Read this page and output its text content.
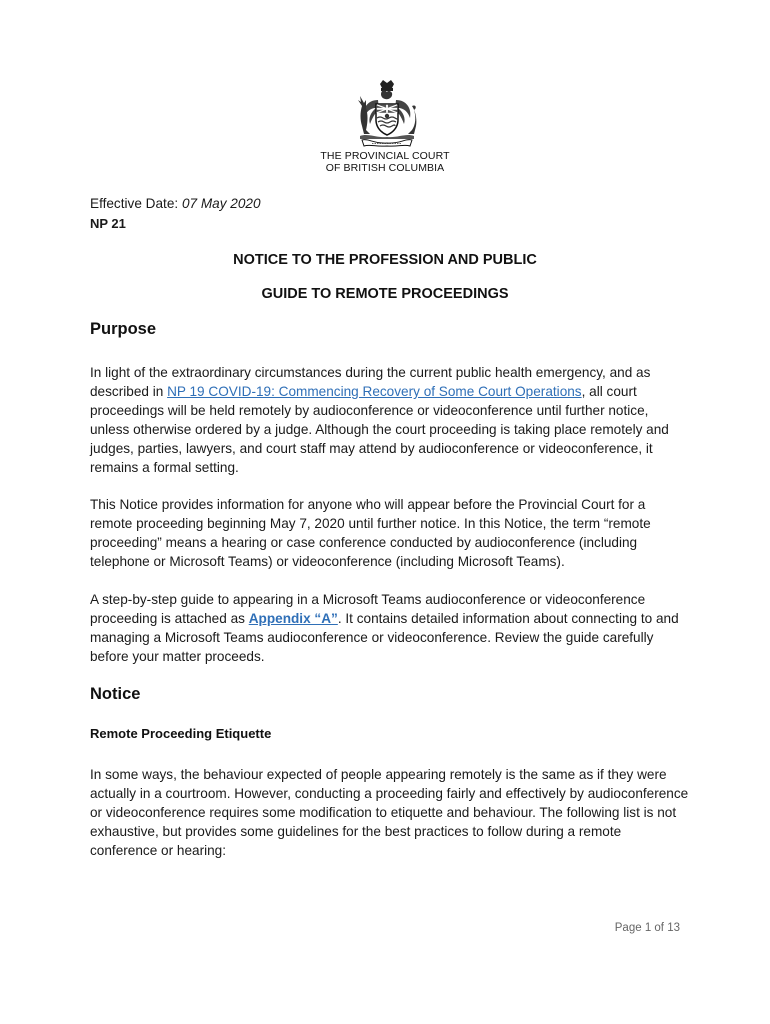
THE PROVINCIAL COURT
OF BRITISH COLUMBIA
Effective Date: 07 May 2020
NP 21
NOTICE TO THE PROFESSION AND PUBLIC
GUIDE TO REMOTE PROCEEDINGS
Purpose

In light of the extraordinary circumstances during the current public health emergency, and as described in NP 19 COVID-19: Commencing Recovery of Some Court Operations, all court proceedings will be held remotely by audioconference or videoconference until further notice, unless otherwise ordered by a judge. Although the court proceeding is taking place remotely and judges, parties, lawyers, and court staff may attend by audioconference or videoconference, it remains a formal setting.

This Notice provides information for anyone who will appear before the Provincial Court for a remote proceeding beginning May 7, 2020 until further notice. In this Notice, the term “remote proceeding” means a hearing or case conference conducted by audioconference (including telephone or Microsoft Teams) or videoconference (including Microsoft Teams).

A step-by-step guide to appearing in a Microsoft Teams audioconference or videoconference proceeding is attached as Appendix “A”. It contains detailed information about connecting to and managing a Microsoft Teams audioconference or videoconference. Review the guide carefully before your matter proceeds.

Notice
Remote Proceeding Etiquette

In some ways, the behaviour expected of people appearing remotely is the same as if they were actually in a courtroom. However, conducting a proceeding fairly and effectively by audioconference or videoconference requires some modification to etiquette and behaviour. The following list is not exhaustive, but provides some guidelines for the best practices to follow during a remote conference or hearing:

Page 1 of 13
